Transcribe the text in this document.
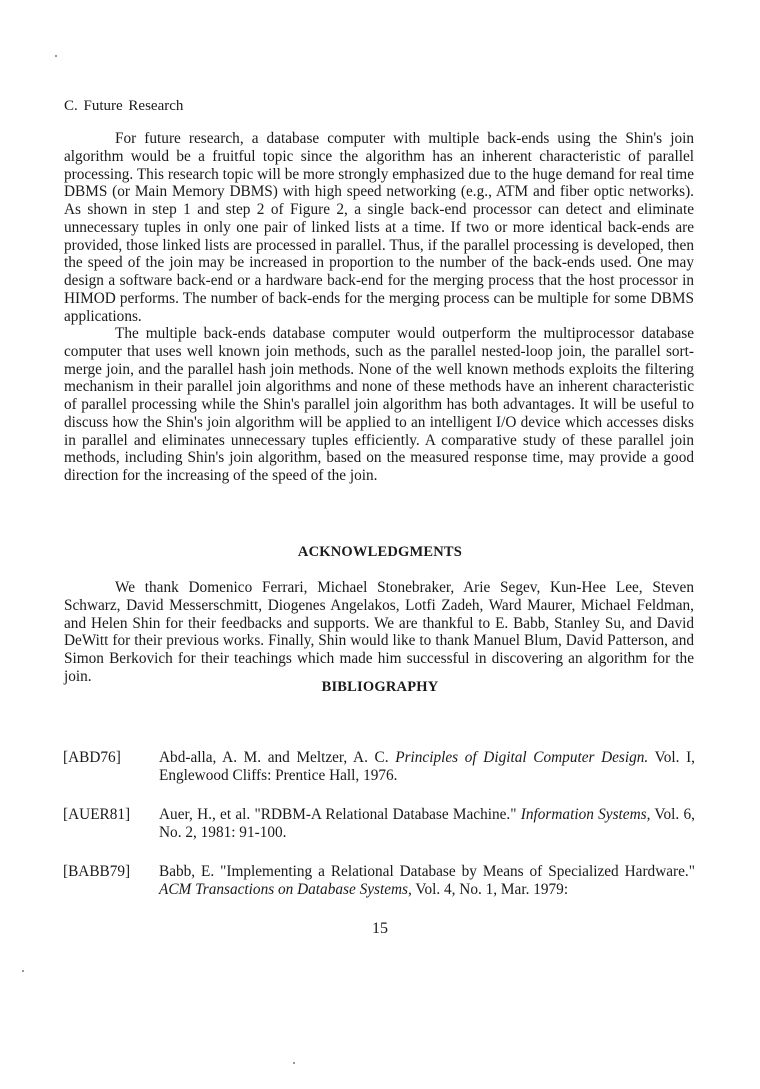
C. Future Research

For future research, a database computer with multiple back-ends using the Shin's join algorithm would be a fruitful topic since the algorithm has an inherent characteristic of parallel processing. This research topic will be more strongly emphasized due to the huge demand for real time DBMS (or Main Memory DBMS) with high speed networking (e.g., ATM and fiber optic networks). As shown in step 1 and step 2 of Figure 2, a single back-end processor can detect and eliminate unnecessary tuples in only one pair of linked lists at a time. If two or more identical back-ends are provided, those linked lists are processed in parallel. Thus, if the parallel processing is developed, then the speed of the join may be increased in proportion to the number of the back-ends used. One may design a software back-end or a hardware back-end for the merging process that the host processor in HIMOD performs. The number of back-ends for the merging process can be multiple for some DBMS applications.

The multiple back-ends database computer would outperform the multiprocessor database computer that uses well known join methods, such as the parallel nested-loop join, the parallel sort-merge join, and the parallel hash join methods. None of the well known methods exploits the filtering mechanism in their parallel join algorithms and none of these methods have an inherent characteristic of parallel processing while the Shin's parallel join algorithm has both advantages. It will be useful to discuss how the Shin's join algorithm will be applied to an intelligent I/O device which accesses disks in parallel and eliminates unnecessary tuples efficiently. A comparative study of these parallel join methods, including Shin's join algorithm, based on the measured response time, may provide a good direction for the increasing of the speed of the join.

ACKNOWLEDGMENTS

We thank Domenico Ferrari, Michael Stonebraker, Arie Segev, Kun-Hee Lee, Steven Schwarz, David Messerschmitt, Diogenes Angelakos, Lotfi Zadeh, Ward Maurer, Michael Feldman, and Helen Shin for their feedbacks and supports. We are thankful to E. Babb, Stanley Su, and David DeWitt for their previous works. Finally, Shin would like to thank Manuel Blum, David Patterson, and Simon Berkovich for their teachings which made him successful in discovering an algorithm for the join.

BIBLIOGRAPHY
[ABD76] Abd-alla, A. M. and Meltzer, A. C. Principles of Digital Computer Design. Vol. I, Englewood Cliffs: Prentice Hall, 1976.
[AUER81] Auer, H., et al. "RDBM-A Relational Database Machine." Information Systems, Vol. 6, No. 2, 1981: 91-100.
[BABB79] Babb, E. "Implementing a Relational Database by Means of Specialized Hardware." ACM Transactions on Database Systems, Vol. 4, No. 1, Mar. 1979:
15
